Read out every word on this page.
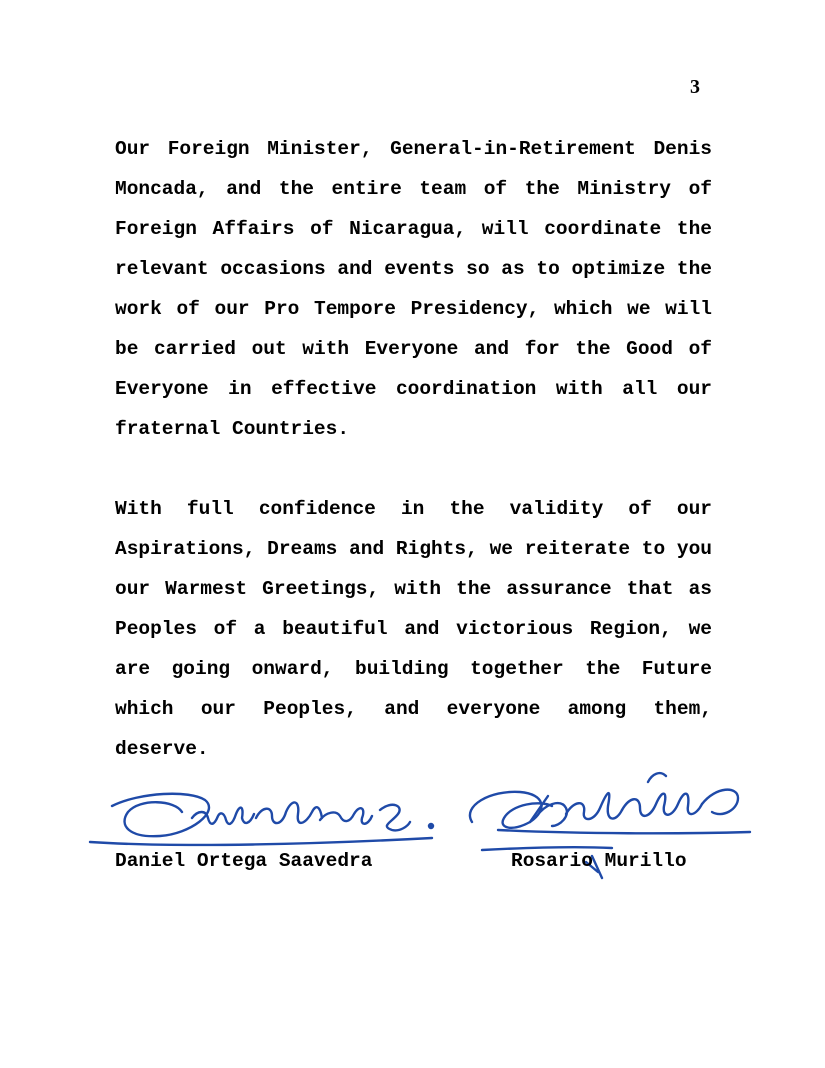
3

Our Foreign Minister, General-in-Retirement Denis Moncada, and the entire team of the Ministry of Foreign Affairs of Nicaragua, will coordinate the relevant occasions and events so as to optimize the work of our Pro Tempore Presidency, which we will be carried out with Everyone and for the Good of Everyone in effective coordination with all our fraternal Countries.

With full confidence in the validity of our Aspirations, Dreams and Rights, we reiterate to you our Warmest Greetings, with the assurance that as Peoples of a beautiful and victorious Region, we are going onward, building together the Future which our Peoples, and everyone among them, deserve.

Daniel Ortega Saavedra	Rosario Murillo
